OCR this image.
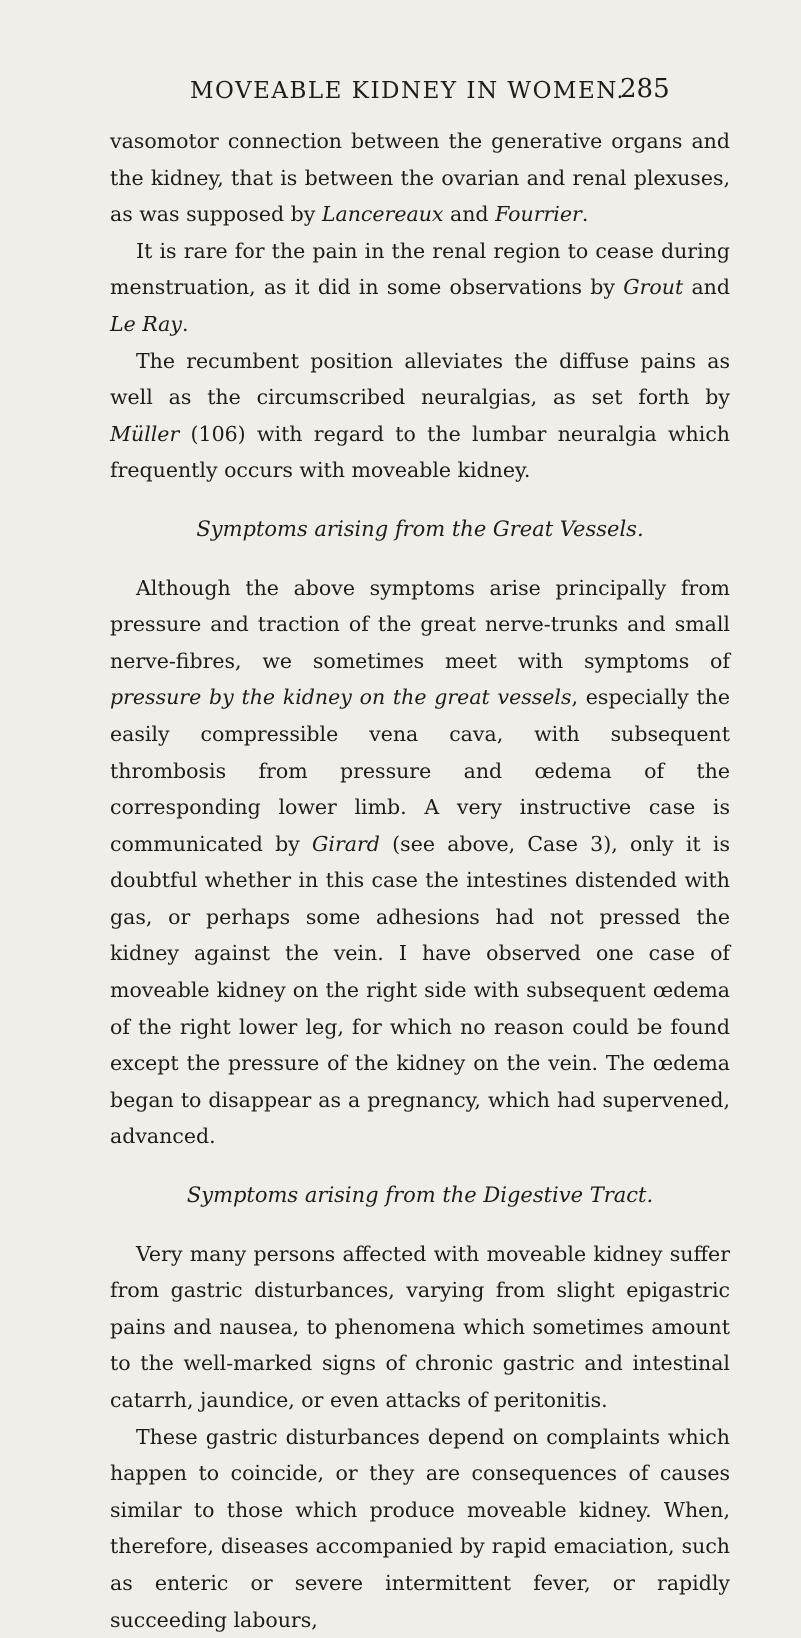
MOVEABLE KIDNEY IN WOMEN.
285

vasomotor connection between the generative organs and the kidney, that is between the ovarian and renal plexuses, as was supposed by Lancereaux and Fourrier.

It is rare for the pain in the renal region to cease during menstruation, as it did in some observations by Grout and Le Ray.

The recumbent position alleviates the diffuse pains as well as the circumscribed neuralgias, as set forth by Müller (106) with regard to the lumbar neuralgia which frequently occurs with moveable kidney.

Symptoms arising from the Great Vessels.

Although the above symptoms arise principally from pressure and traction of the great nerve-trunks and small nerve-fibres, we sometimes meet with symptoms of pressure by the kidney on the great vessels, especially the easily compressible vena cava, with subsequent thrombosis from pressure and œdema of the corresponding lower limb. A very instructive case is communicated by Girard (see above, Case 3), only it is doubtful whether in this case the intestines distended with gas, or perhaps some adhesions had not pressed the kidney against the vein. I have observed one case of moveable kidney on the right side with subsequent œdema of the right lower leg, for which no reason could be found except the pressure of the kidney on the vein. The œdema began to disappear as a pregnancy, which had supervened, advanced.

Symptoms arising from the Digestive Tract.

Very many persons affected with moveable kidney suffer from gastric disturbances, varying from slight epigastric pains and nausea, to phenomena which sometimes amount to the well-marked signs of chronic gastric and intestinal catarrh, jaundice, or even attacks of peritonitis.

These gastric disturbances depend on complaints which happen to coincide, or they are consequences of causes similar to those which produce moveable kidney. When, therefore, diseases accompanied by rapid emaciation, such as enteric or severe intermittent fever, or rapidly succeeding labours,
